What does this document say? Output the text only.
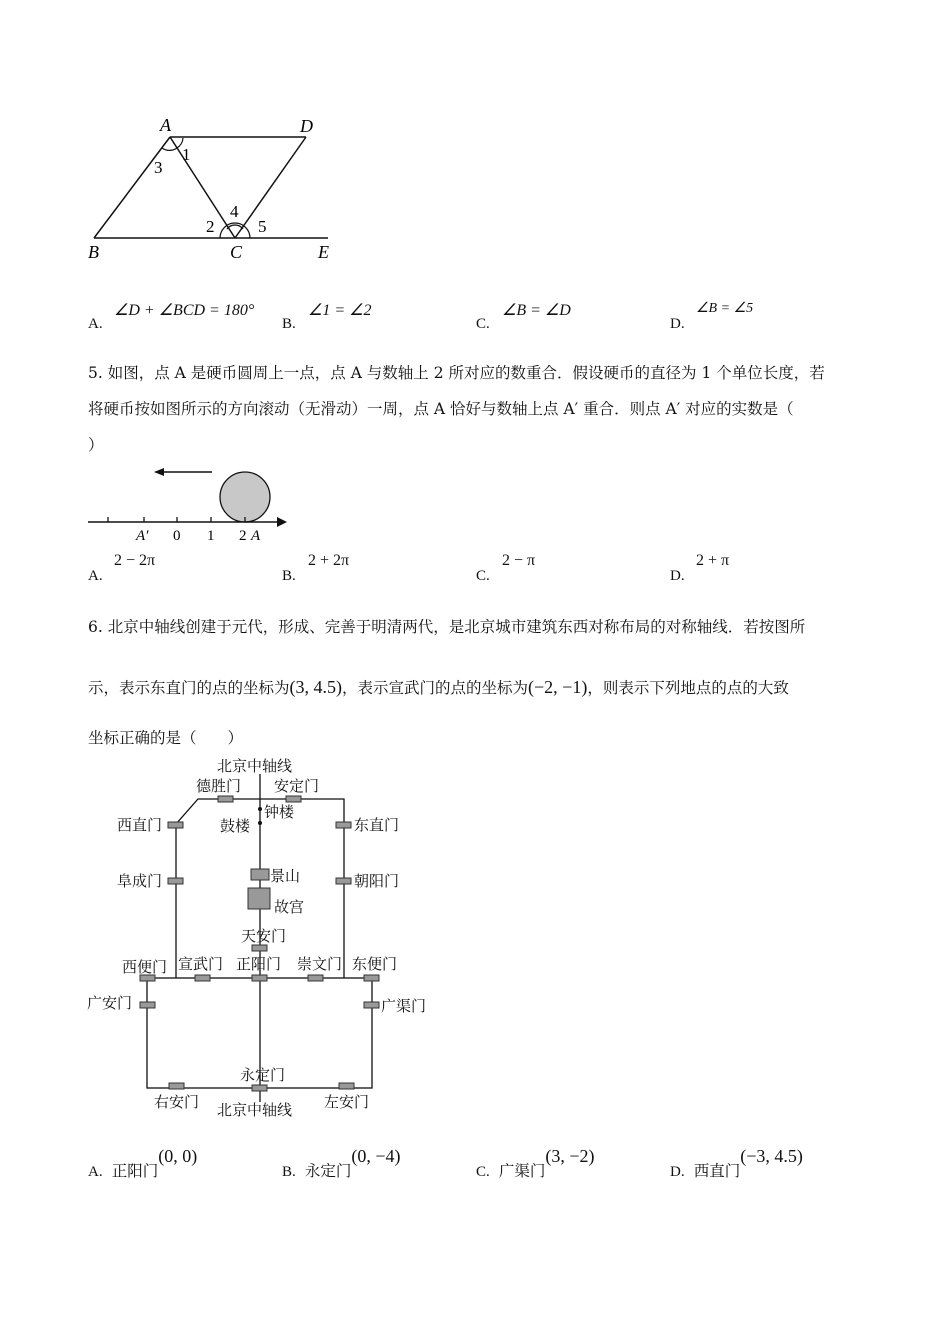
A	D
B	C	E
1
3
2
4
5
A.
∠D + ∠BCD = 180°
B.
∠1 = ∠2
C.
∠B = ∠D
D.
∠B = ∠5
5. 如图，点 A 是硬币圆周上一点，点 A 与数轴上 2 所对应的数重合．假设硬币的直径为 1 个单位长度，若
将硬币按如图所示的方向滚动（无滑动）一周，点 A 恰好与数轴上点 A′ 重合．则点 A′ 对应的实数是（
）
A′ 0 1 2 A
A.
2 − 2π
B.
2 + 2π
C.
2 − π
D.
2 + π
6. 北京中轴线创建于元代，形成、完善于明清两代，是北京城市建筑东西对称布局的对称轴线．若按图所
示，表示东直门的点的坐标为(3, 4.5)，表示宣武门的点的坐标为(−2, −1)，则表示下列地点的点的大致
坐标正确的是（　　）
北京中轴线
德胜门 安定门
钟楼
鼓楼
西直门	东直门
阜成门	朝阳门
景山
故宫
天安门
西便门 宣武门 正阳门 崇文门 东便门
广安门	广渠门
永定门
右安门	左安门
北京中轴线
A. 正阳门(0, 0)
B. 永定门(0, −4)
C. 广渠门(3, −2)
D. 西直门(−3, 4.5)
